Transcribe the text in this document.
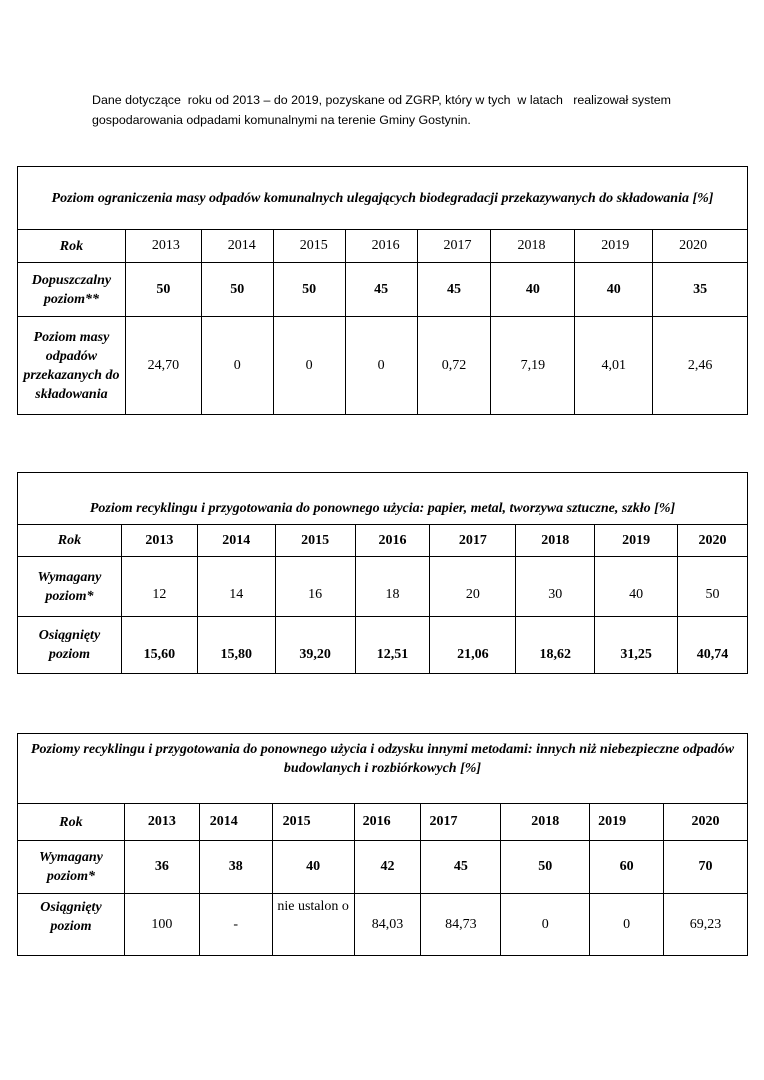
Dane dotyczące  roku od 2013 – do 2019, pozyskane od ZGRP, który w tych  w latach   realizował system
gospodarowania odpadami komunalnymi na terenie Gminy Gostynin.
Poziom ograniczenia masy odpadów komunalnych ulegających biodegradacji przekazywanych do składowania [%]								
Rok	2013	2014	2015	2016	2017	2018	2019	2020
Dopuszczalny poziom**	50	50	50	45	45	40	40	35
Poziom masy odpadów przekazanych do składowania	24,70	0	0	0	0,72	7,19	4,01	2,46
Poziom recyklingu i przygotowania do ponownego użycia: papier, metal, tworzywa sztuczne, szkło [%]								
Rok	2013	2014	2015	2016	2017	2018	2019	2020
Wymagany poziom*	12	14	16	18	20	30	40	50
Osiągnięty poziom	15,60	15,80	39,20	12,51	21,06	18,62	31,25	40,74
Poziomy recyklingu i przygotowania do ponownego użycia i odzysku innymi metodami: innych niż niebezpieczne odpadów budowlanych i rozbiórkowych [%]								
Rok	2013	2014	2015	2016	2017	2018	2019	2020
Wymagany poziom*	36	38	40	42	45	50	60	70
Osiągnięty poziom	100	-	nie ustalon o	84,03	84,73	0	0	69,23
